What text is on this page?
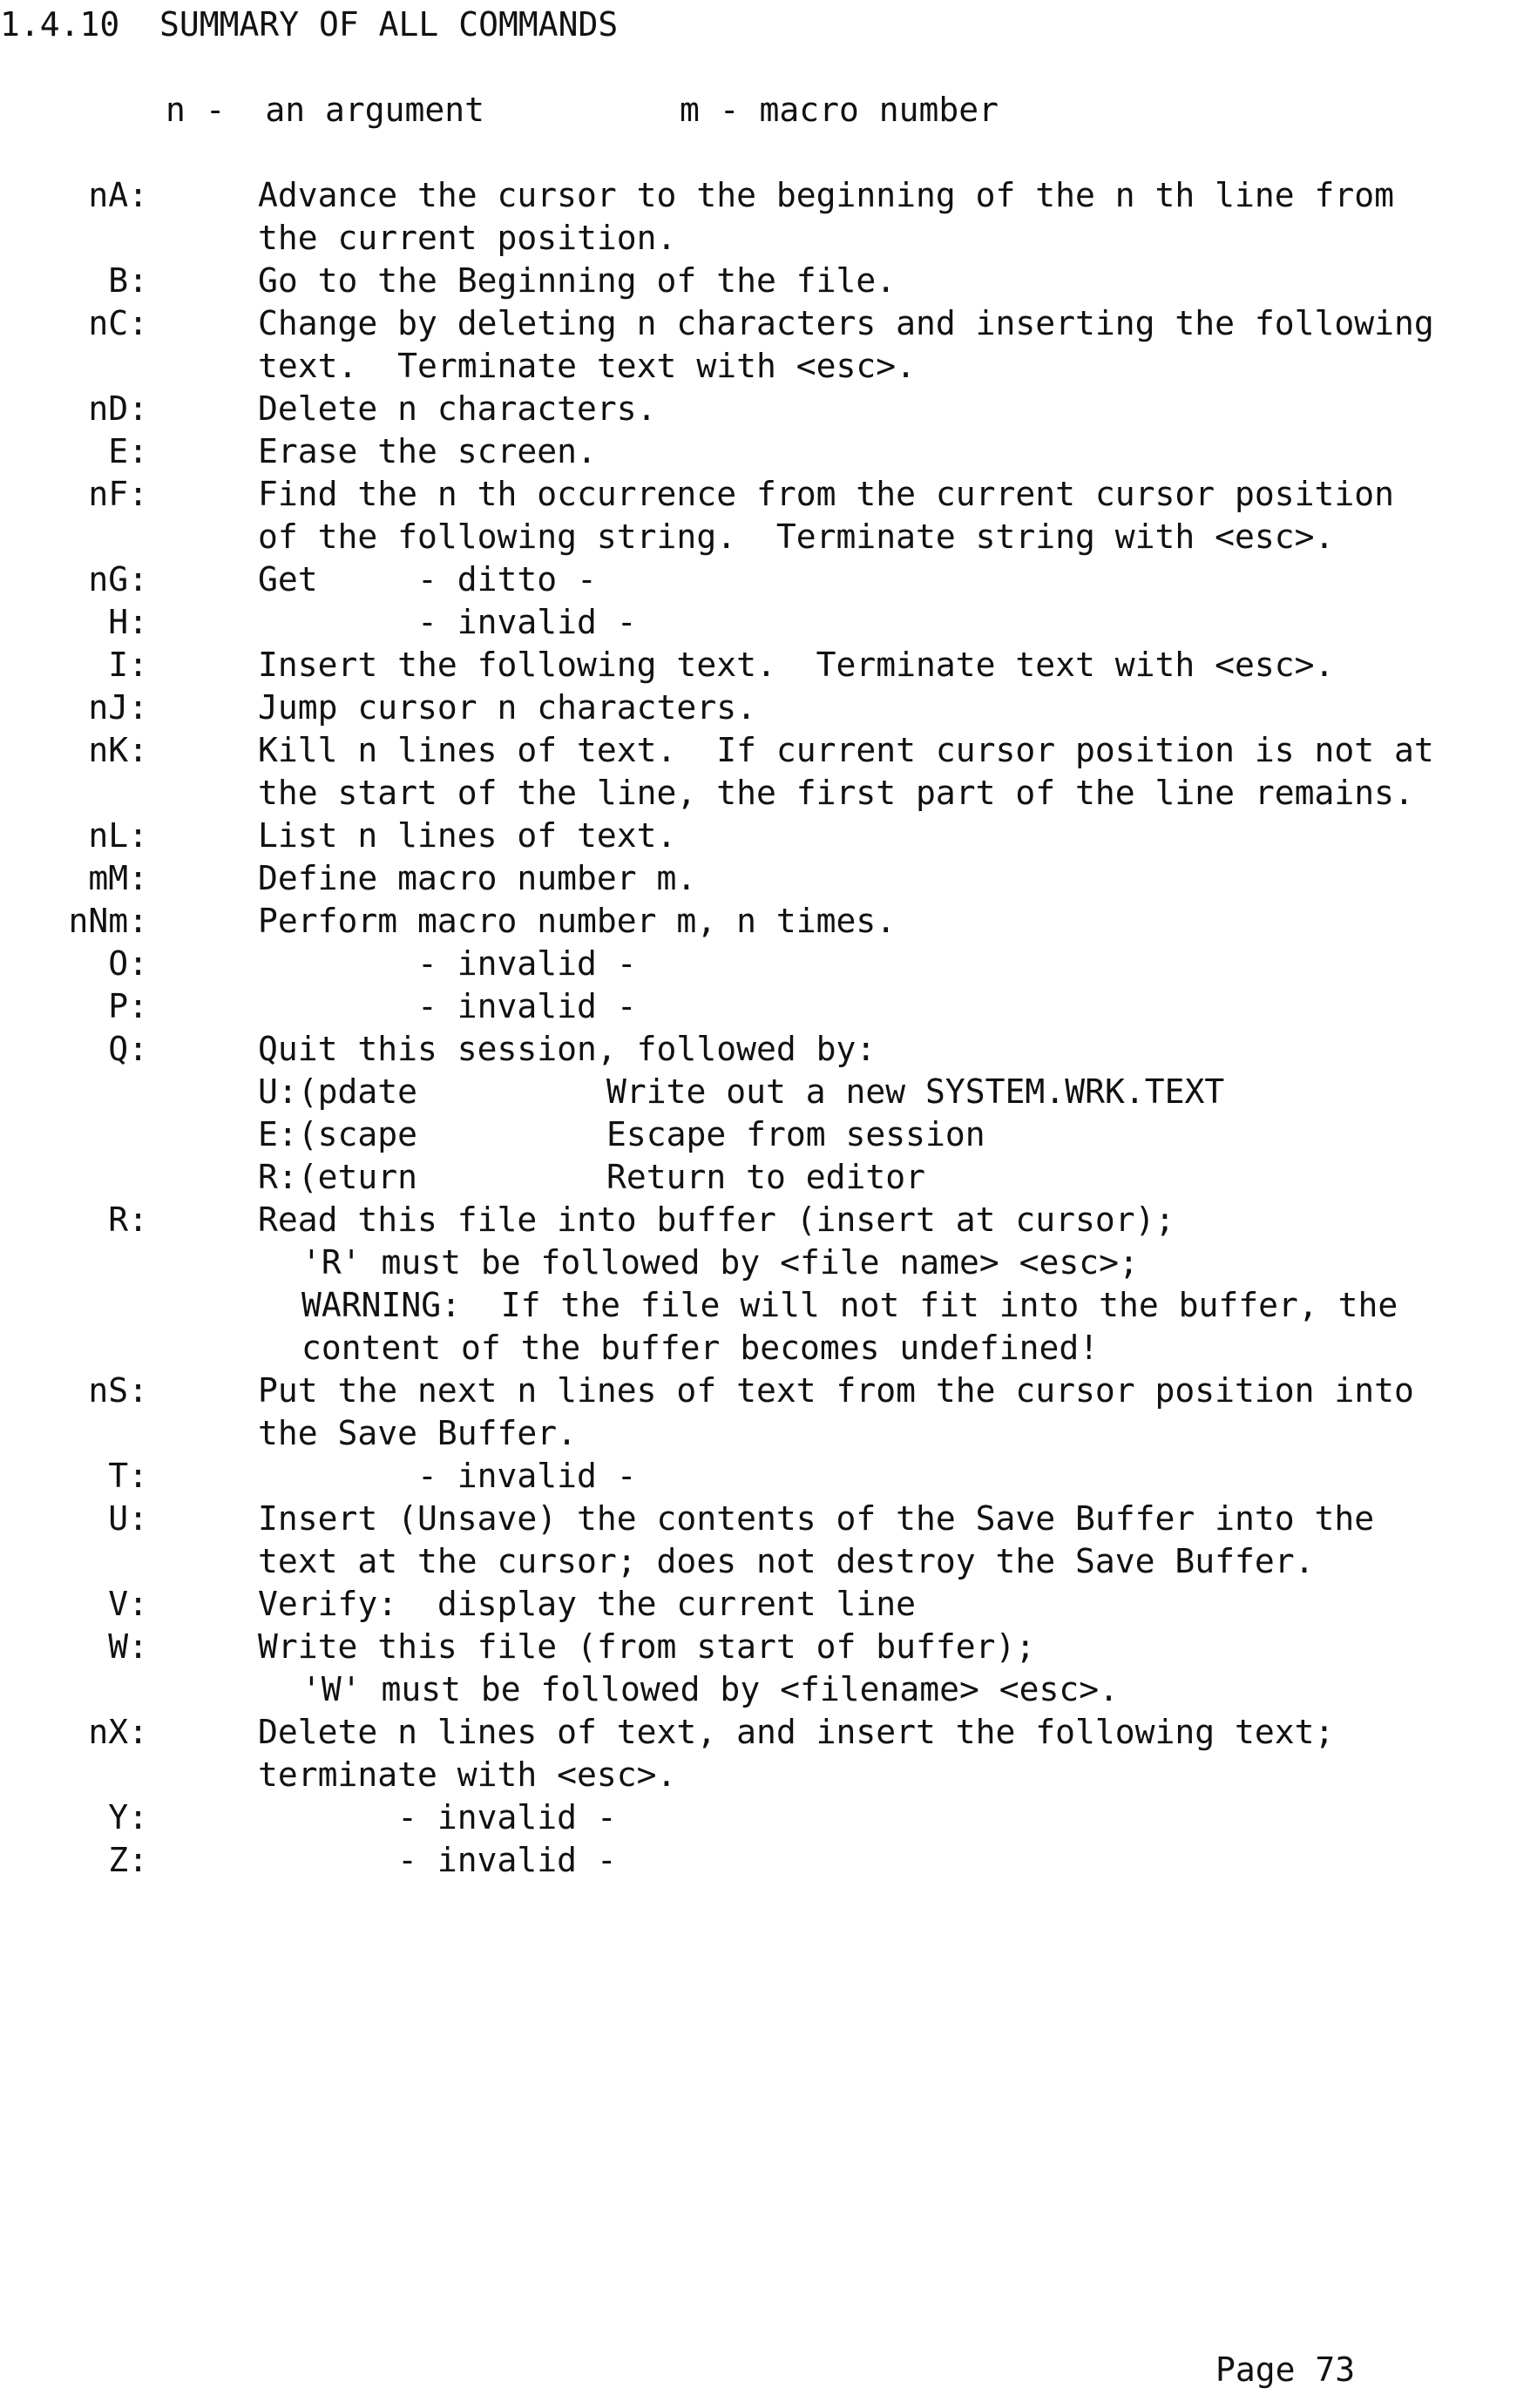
1.4.10  SUMMARY OF ALL COMMANDS
n -  an argument	m - macro number
nA:	Advance the cursor to the beginning of the n th line from
the current position.
B:	Go to the Beginning of the file.
nC:	Change by deleting n characters and inserting the following
text.  Terminate text with <esc>.
nD:	Delete n characters.
E:	Erase the screen.
nF:	Find the n th occurrence from the current cursor position
of the following string.  Terminate string with <esc>.
nG:	Get     - ditto -
H:	- invalid -
I:	Insert the following text.  Terminate text with <esc>.
nJ:	Jump cursor n characters.
nK:	Kill n lines of text.  If current cursor position is not at
the start of the line, the first part of the line remains.
nL:	List n lines of text.
mM:	Define macro number m.
nNm:	Perform macro number m, n times.
O:	- invalid -
P:	- invalid -
Q:	Quit this session, followed by:
U:(pdate	Write out a new SYSTEM.WRK.TEXT
E:(scape	Escape from session
R:(eturn	Return to editor
R:	Read this file into buffer (insert at cursor);
'R' must be followed by <file name> <esc>;
WARNING:  If the file will not fit into the buffer, the
content of the buffer becomes undefined!
nS:	Put the next n lines of text from the cursor position into
the Save Buffer.
T:	- invalid -
U:	Insert (Unsave) the contents of the Save Buffer into the
text at the cursor; does not destroy the Save Buffer.
V:	Verify:  display the current line
W:	Write this file (from start of buffer);
'W' must be followed by <filename> <esc>.
nX:	Delete n lines of text, and insert the following text;
terminate with <esc>.
Y:	- invalid -
Z:	- invalid -
Page 73
